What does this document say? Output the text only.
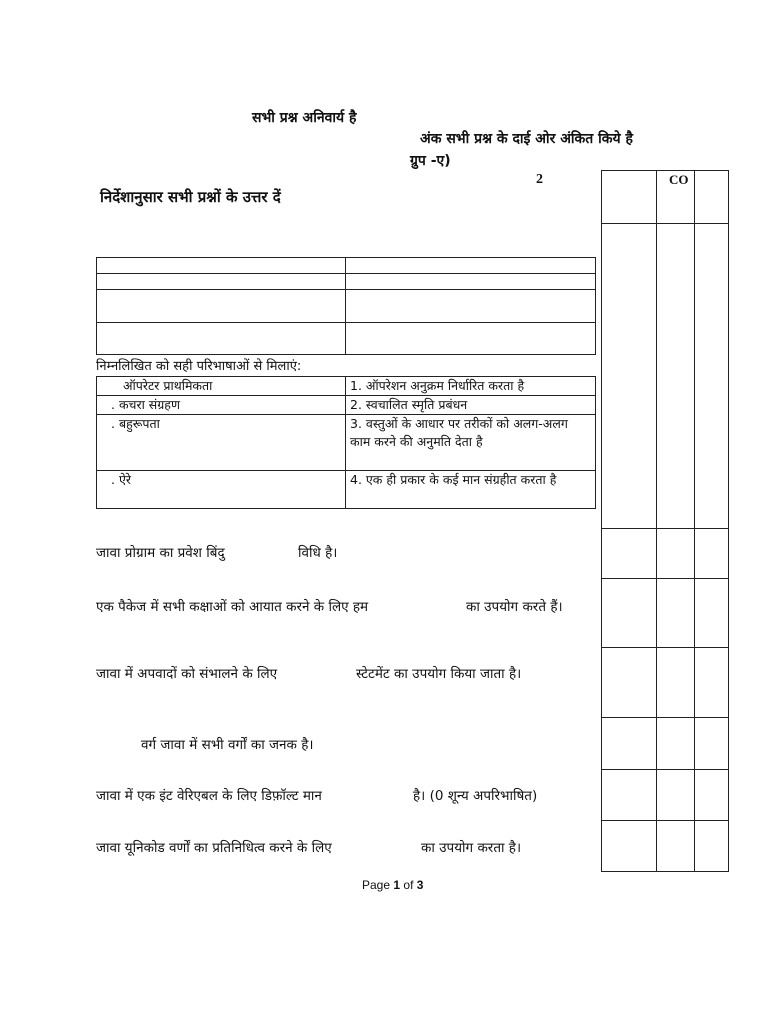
सभी प्रश्न अनिवार्य है
अंक सभी प्रश्न के दाई ओर अंकित किये है
ग्रुप -ए)
2
निर्देशानुसार सभी प्रश्नों के उत्तर दें
CO

निम्नलिखित को सही परिभाषाओं से मिलाएं:
ऑपरेटर प्राथमिकता	1. ऑपरेशन अनुक्रम निर्धारित करता है
. कचरा संग्रहण	2. स्वचालित स्मृति प्रबंधन
. बहुरूपता	3. वस्तुओं के आधार पर तरीकों को अलग-अलग काम करने की अनुमति देता है
. ऐरे	4. एक ही प्रकार के कई मान संग्रहीत करता है
जावा प्रोग्राम का प्रवेश बिंदु	विधि है।
एक पैकेज में सभी कक्षाओं को आयात करने के लिए हम	का उपयोग करते हैं।
जावा में अपवादों को संभालने के लिए	स्टेटमेंट का उपयोग किया जाता है।
वर्ग जावा में सभी वर्गों का जनक है।
जावा में एक इंट वेरिएबल के लिए डिफ़ॉल्ट मान	है। (0 शून्य अपरिभाषित)
जावा यूनिकोड वर्णों का प्रतिनिधित्व करने के लिए	का उपयोग करता है।
Page 1 of 3
